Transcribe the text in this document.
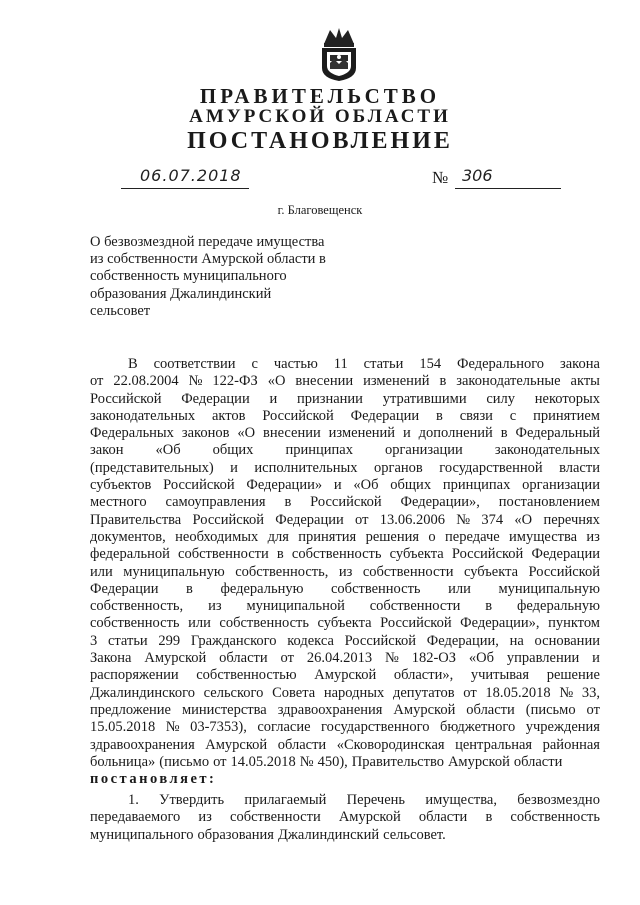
ПРАВИТЕЛЬСТВО
АМУРСКОЙ ОБЛАСТИ
ПОСТАНОВЛЕНИЕ
06.07.2018	№ 306
г. Благовещенск
О безвозмездной передаче имущества
из собственности Амурской области в
собственность муниципального
образования Джалиндинский
сельсовет
В соответствии с частью 11 статьи 154 Федерального закона
от 22.08.2004 № 122-ФЗ «О внесении изменений в законодательные акты
Российской Федерации и признании утратившими силу некоторых
законодательных актов Российской Федерации в связи с принятием
Федеральных законов «О внесении изменений и дополнений в Федеральный
закон «Об общих принципах организации законодательных
(представительных) и исполнительных органов государственной власти
субъектов Российской Федерации» и «Об общих принципах организации
местного самоуправления в Российской Федерации», постановлением
Правительства Российской Федерации от 13.06.2006 № 374 «О перечнях
документов, необходимых для принятия решения о передаче имущества из
федеральной собственности в собственность субъекта Российской Федерации
или муниципальную собственность, из собственности субъекта Российской
Федерации в федеральную собственность или муниципальную
собственность, из муниципальной собственности в федеральную
собственность или собственность субъекта Российской Федерации», пунктом
3 статьи 299 Гражданского кодекса Российской Федерации, на основании
Закона Амурской области от 26.04.2013 № 182-ОЗ «Об управлении и
распоряжении собственностью Амурской области», учитывая решение
Джалиндинского сельского Совета народных депутатов от 18.05.2018 № 33,
предложение министерства здравоохранения Амурской области (письмо от
15.05.2018 № 03-7353), согласие государственного бюджетного учреждения
здравоохранения Амурской области «Сковородинская центральная районная
больница» (письмо от 14.05.2018 № 450), Правительство Амурской области
постановляет:
1. Утвердить прилагаемый Перечень имущества, безвозмездно
передаваемого из собственности Амурской области в собственность
муниципального образования Джалиндинский сельсовет.
